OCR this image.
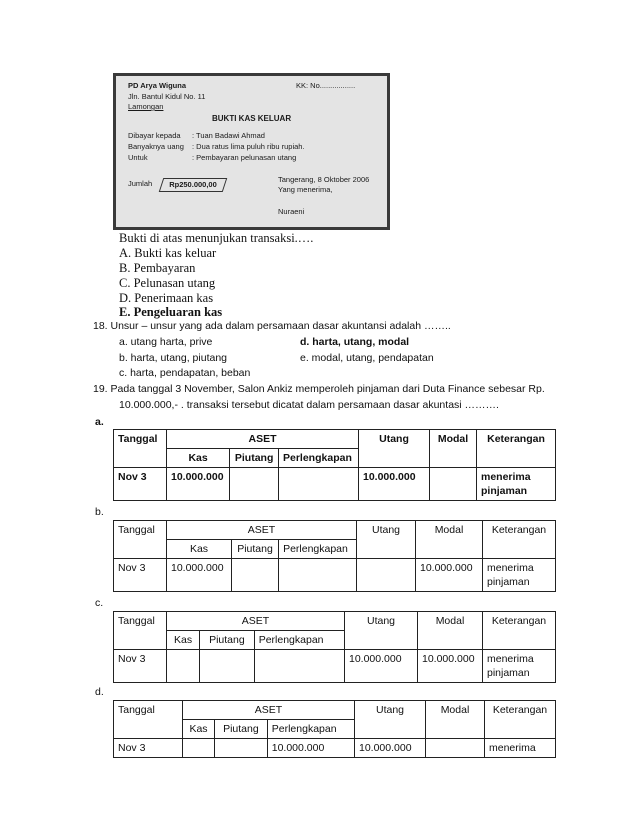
PD Arya Wiguna	KK: No.................
Jln. Bantul Kidul No. 11
Lamongan
BUKTI KAS KELUAR
Dibayar kepada : Tuan Badawi Ahmad
Banyaknya uang : Dua ratus lima puluh ribu rupiah.
Untuk	: Pembayaran pelunasan utang
Jumlah	Rp250.000,00
Tangerang, 8 Oktober 2006
Yang menerima,
Nuraeni
Bukti di atas menunjukan transaksi.….
A. Bukti kas keluar
B. Pembayaran
C. Pelunasan utang
D. Penerimaan kas
E. Pengeluaran kas
18. Unsur – unsur yang ada dalam persamaan dasar akuntansi adalah ……..
a. utang harta, prive	d. harta, utang, modal
b. harta, utang, piutang	e. modal, utang, pendapatan
c. harta, pendapatan, beban
19. Pada tanggal 3 November, Salon Ankiz memperoleh pinjaman dari Duta Finance sebesar Rp.
10.000.000,- . transaksi tersebut dicatat dalam persamaan dasar akuntasi ……….
a.
Tanggal	ASET			Utang	Modal	Keterangan
	Kas	Piutang	Perlengkapan			
Nov 3	10.000.000			10.000.000		menerima pinjaman
b.
Tanggal	ASET			Utang	Modal	Keterangan
	Kas	Piutang	Perlengkapan			
Nov 3	10.000.000				10.000.000	menerima pinjaman
c.
Tanggal	ASET			Utang	Modal	Keterangan
	Kas	Piutang	Perlengkapan			
Nov 3				10.000.000	10.000.000	menerima pinjaman
d.
Tanggal	ASET			Utang	Modal	Keterangan
	Kas	Piutang	Perlengkapan			
Nov 3			10.000.000	10.000.000		menerima
